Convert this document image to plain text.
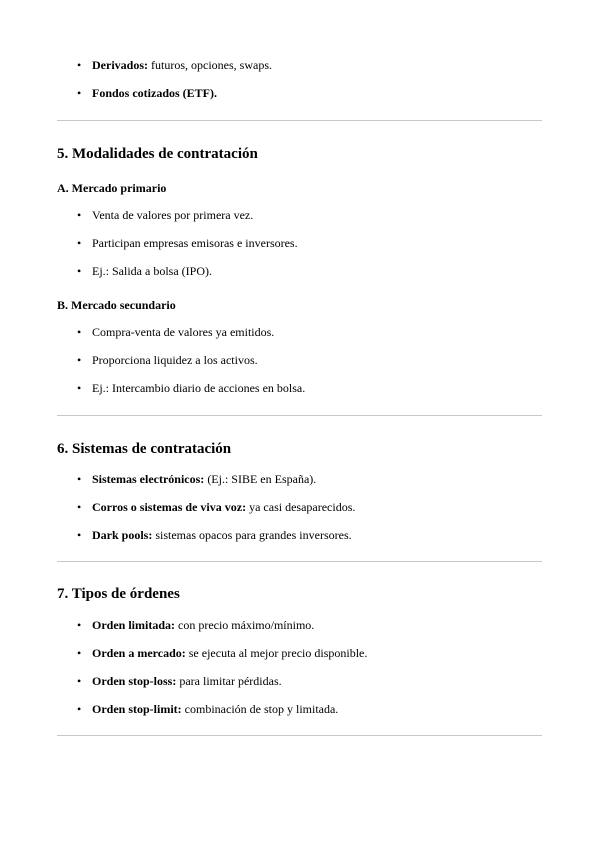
• Derivados: futuros, opciones, swaps.
• Fondos cotizados (ETF).
5. Modalidades de contratación
A. Mercado primario
• Venta de valores por primera vez.
• Participan empresas emisoras e inversores.
• Ej.: Salida a bolsa (IPO).
B. Mercado secundario
• Compra-venta de valores ya emitidos.
• Proporciona liquidez a los activos.
• Ej.: Intercambio diario de acciones en bolsa.
6. Sistemas de contratación
• Sistemas electrónicos: (Ej.: SIBE en España).
• Corros o sistemas de viva voz: ya casi desaparecidos.
• Dark pools: sistemas opacos para grandes inversores.
7. Tipos de órdenes
• Orden limitada: con precio máximo/mínimo.
• Orden a mercado: se ejecuta al mejor precio disponible.
• Orden stop-loss: para limitar pérdidas.
• Orden stop-limit: combinación de stop y limitada.
